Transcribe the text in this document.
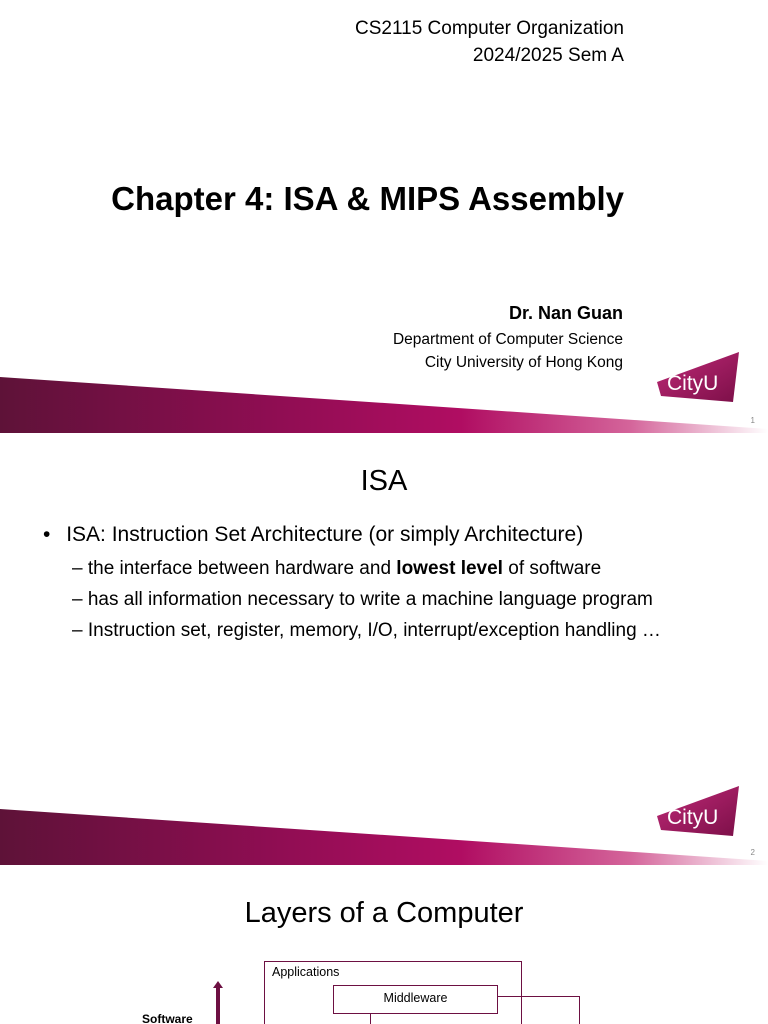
CS2115 Computer Organization
2024/2025 Sem A
Chapter 4: ISA & MIPS Assembly
Dr. Nan Guan
Department of Computer Science
City University of Hong Kong
CityU
1
ISA
• ISA: Instruction Set Architecture (or simply Architecture)
– the interface between hardware and lowest level of software
– has all information necessary to write a machine language program
– Instruction set, register, memory, I/O, interrupt/exception handling …
CityU
2
Layers of a Computer
Applications
Middleware
Software
